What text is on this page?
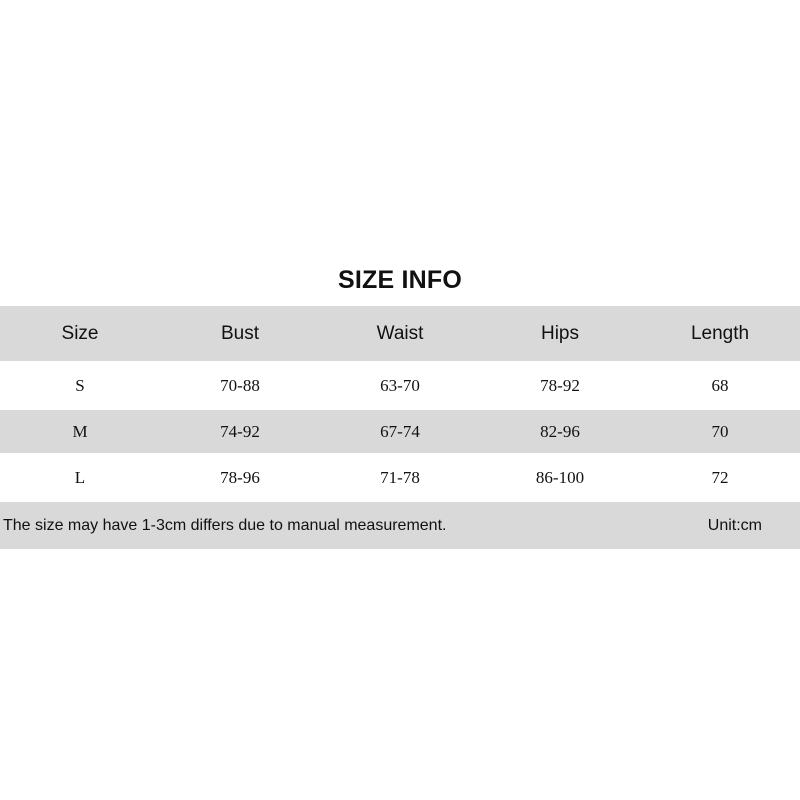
SIZE INFO
Size	Bust	Waist	Hips	Length
S	70-88	63-70	78-92	68
M	74-92	67-74	82-96	70
L	78-96	71-78	86-100	72
The size may have 1-3cm differs due to manual measurement.	Unit:cm
